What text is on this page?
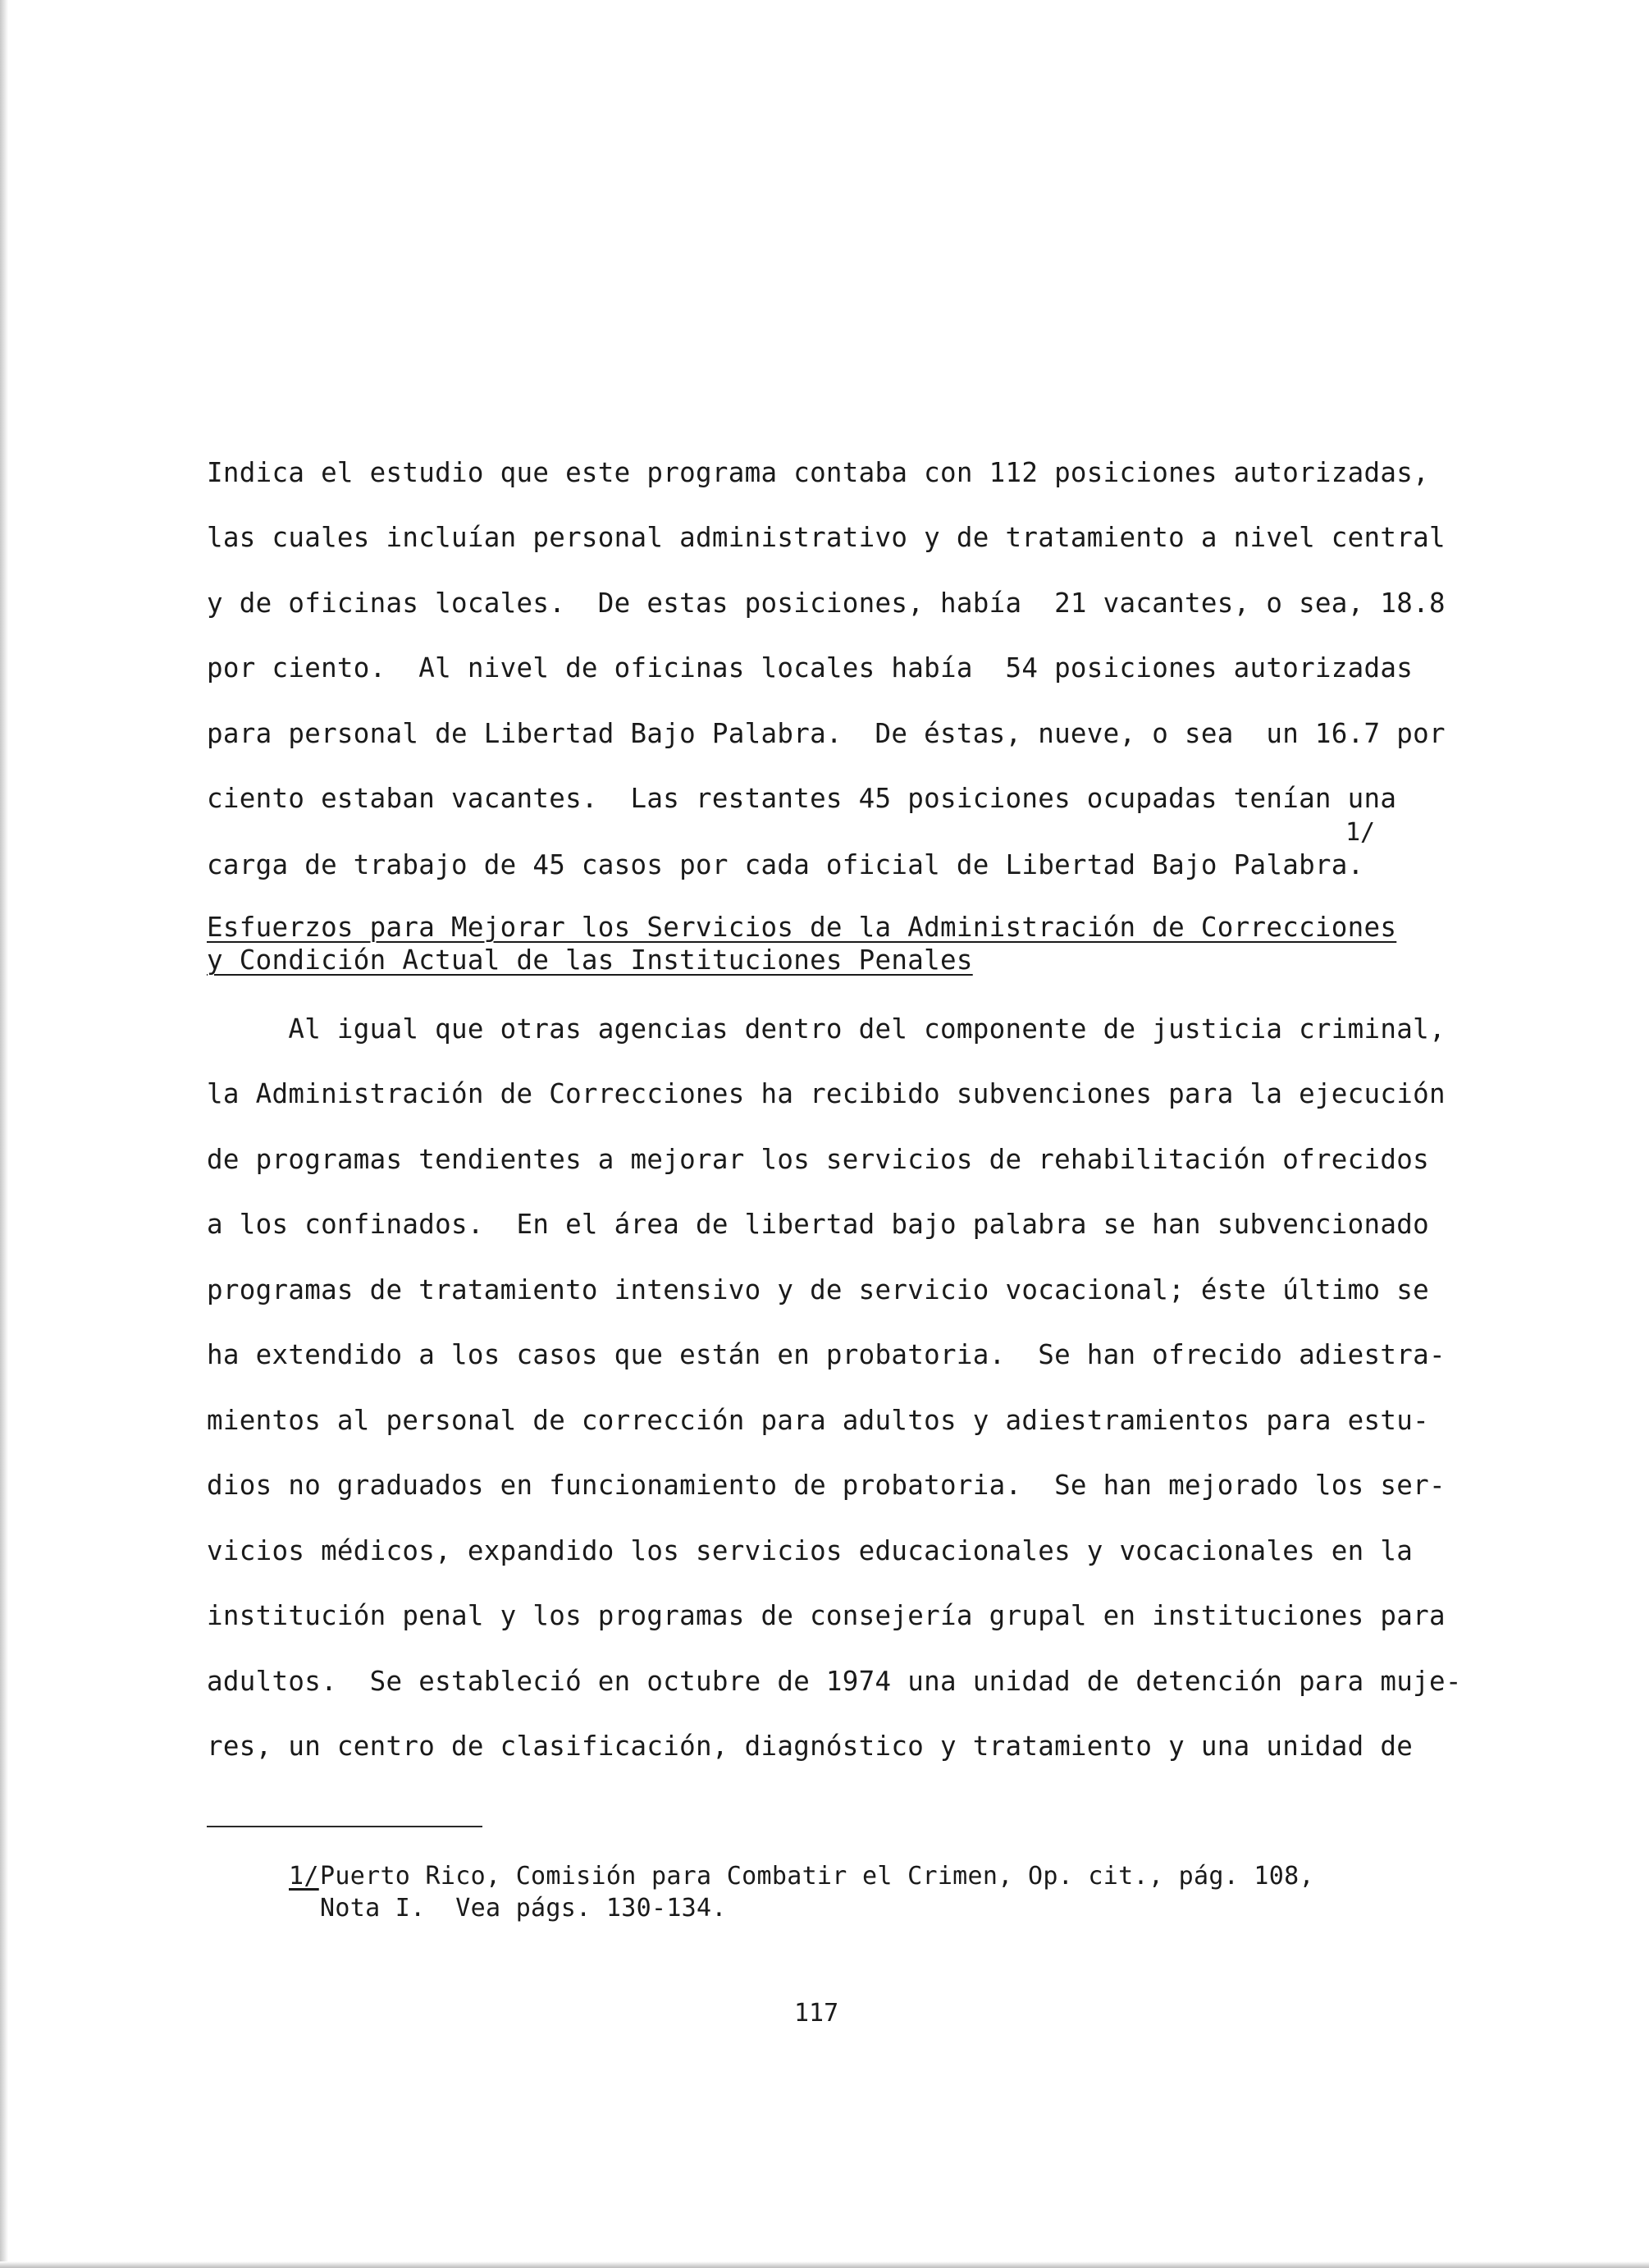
Indica el estudio que este programa contaba con 112 posiciones autorizadas,
las cuales incluían personal administrativo y de tratamiento a nivel central
y de oficinas locales.  De estas posiciones, había  21 vacantes, o sea, 18.8
por ciento.  Al nivel de oficinas locales había  54 posiciones autorizadas
para personal de Libertad Bajo Palabra.  De éstas, nueve, o sea  un 16.7 por
ciento estaban vacantes.  Las restantes 45 posiciones ocupadas tenían una
carga de trabajo de 45 casos por cada oficial de Libertad Bajo Palabra.
1/
Esfuerzos para Mejorar los Servicios de la Administración de Correcciones
y Condición Actual de las Instituciones Penales
Al igual que otras agencias dentro del componente de justicia criminal,
la Administración de Correcciones ha recibido subvenciones para la ejecución
de programas tendientes a mejorar los servicios de rehabilitación ofrecidos
a los confinados.  En el área de libertad bajo palabra se han subvencionado
programas de tratamiento intensivo y de servicio vocacional; éste último se
ha extendido a los casos que están en probatoria.  Se han ofrecido adiestra-
mientos al personal de corrección para adultos y adiestramientos para estu-
dios no graduados en funcionamiento de probatoria.  Se han mejorado los ser-
vicios médicos, expandido los servicios educacionales y vocacionales en la
institución penal y los programas de consejería grupal en instituciones para
adultos.  Se estableció en octubre de 1974 una unidad de detención para muje-
res, un centro de clasificación, diagnóstico y tratamiento y una unidad de
1/ Puerto Rico, Comisión para Combatir el Crimen, Op. cit., pág. 108,
Nota I.  Vea págs. 130-134.
117
